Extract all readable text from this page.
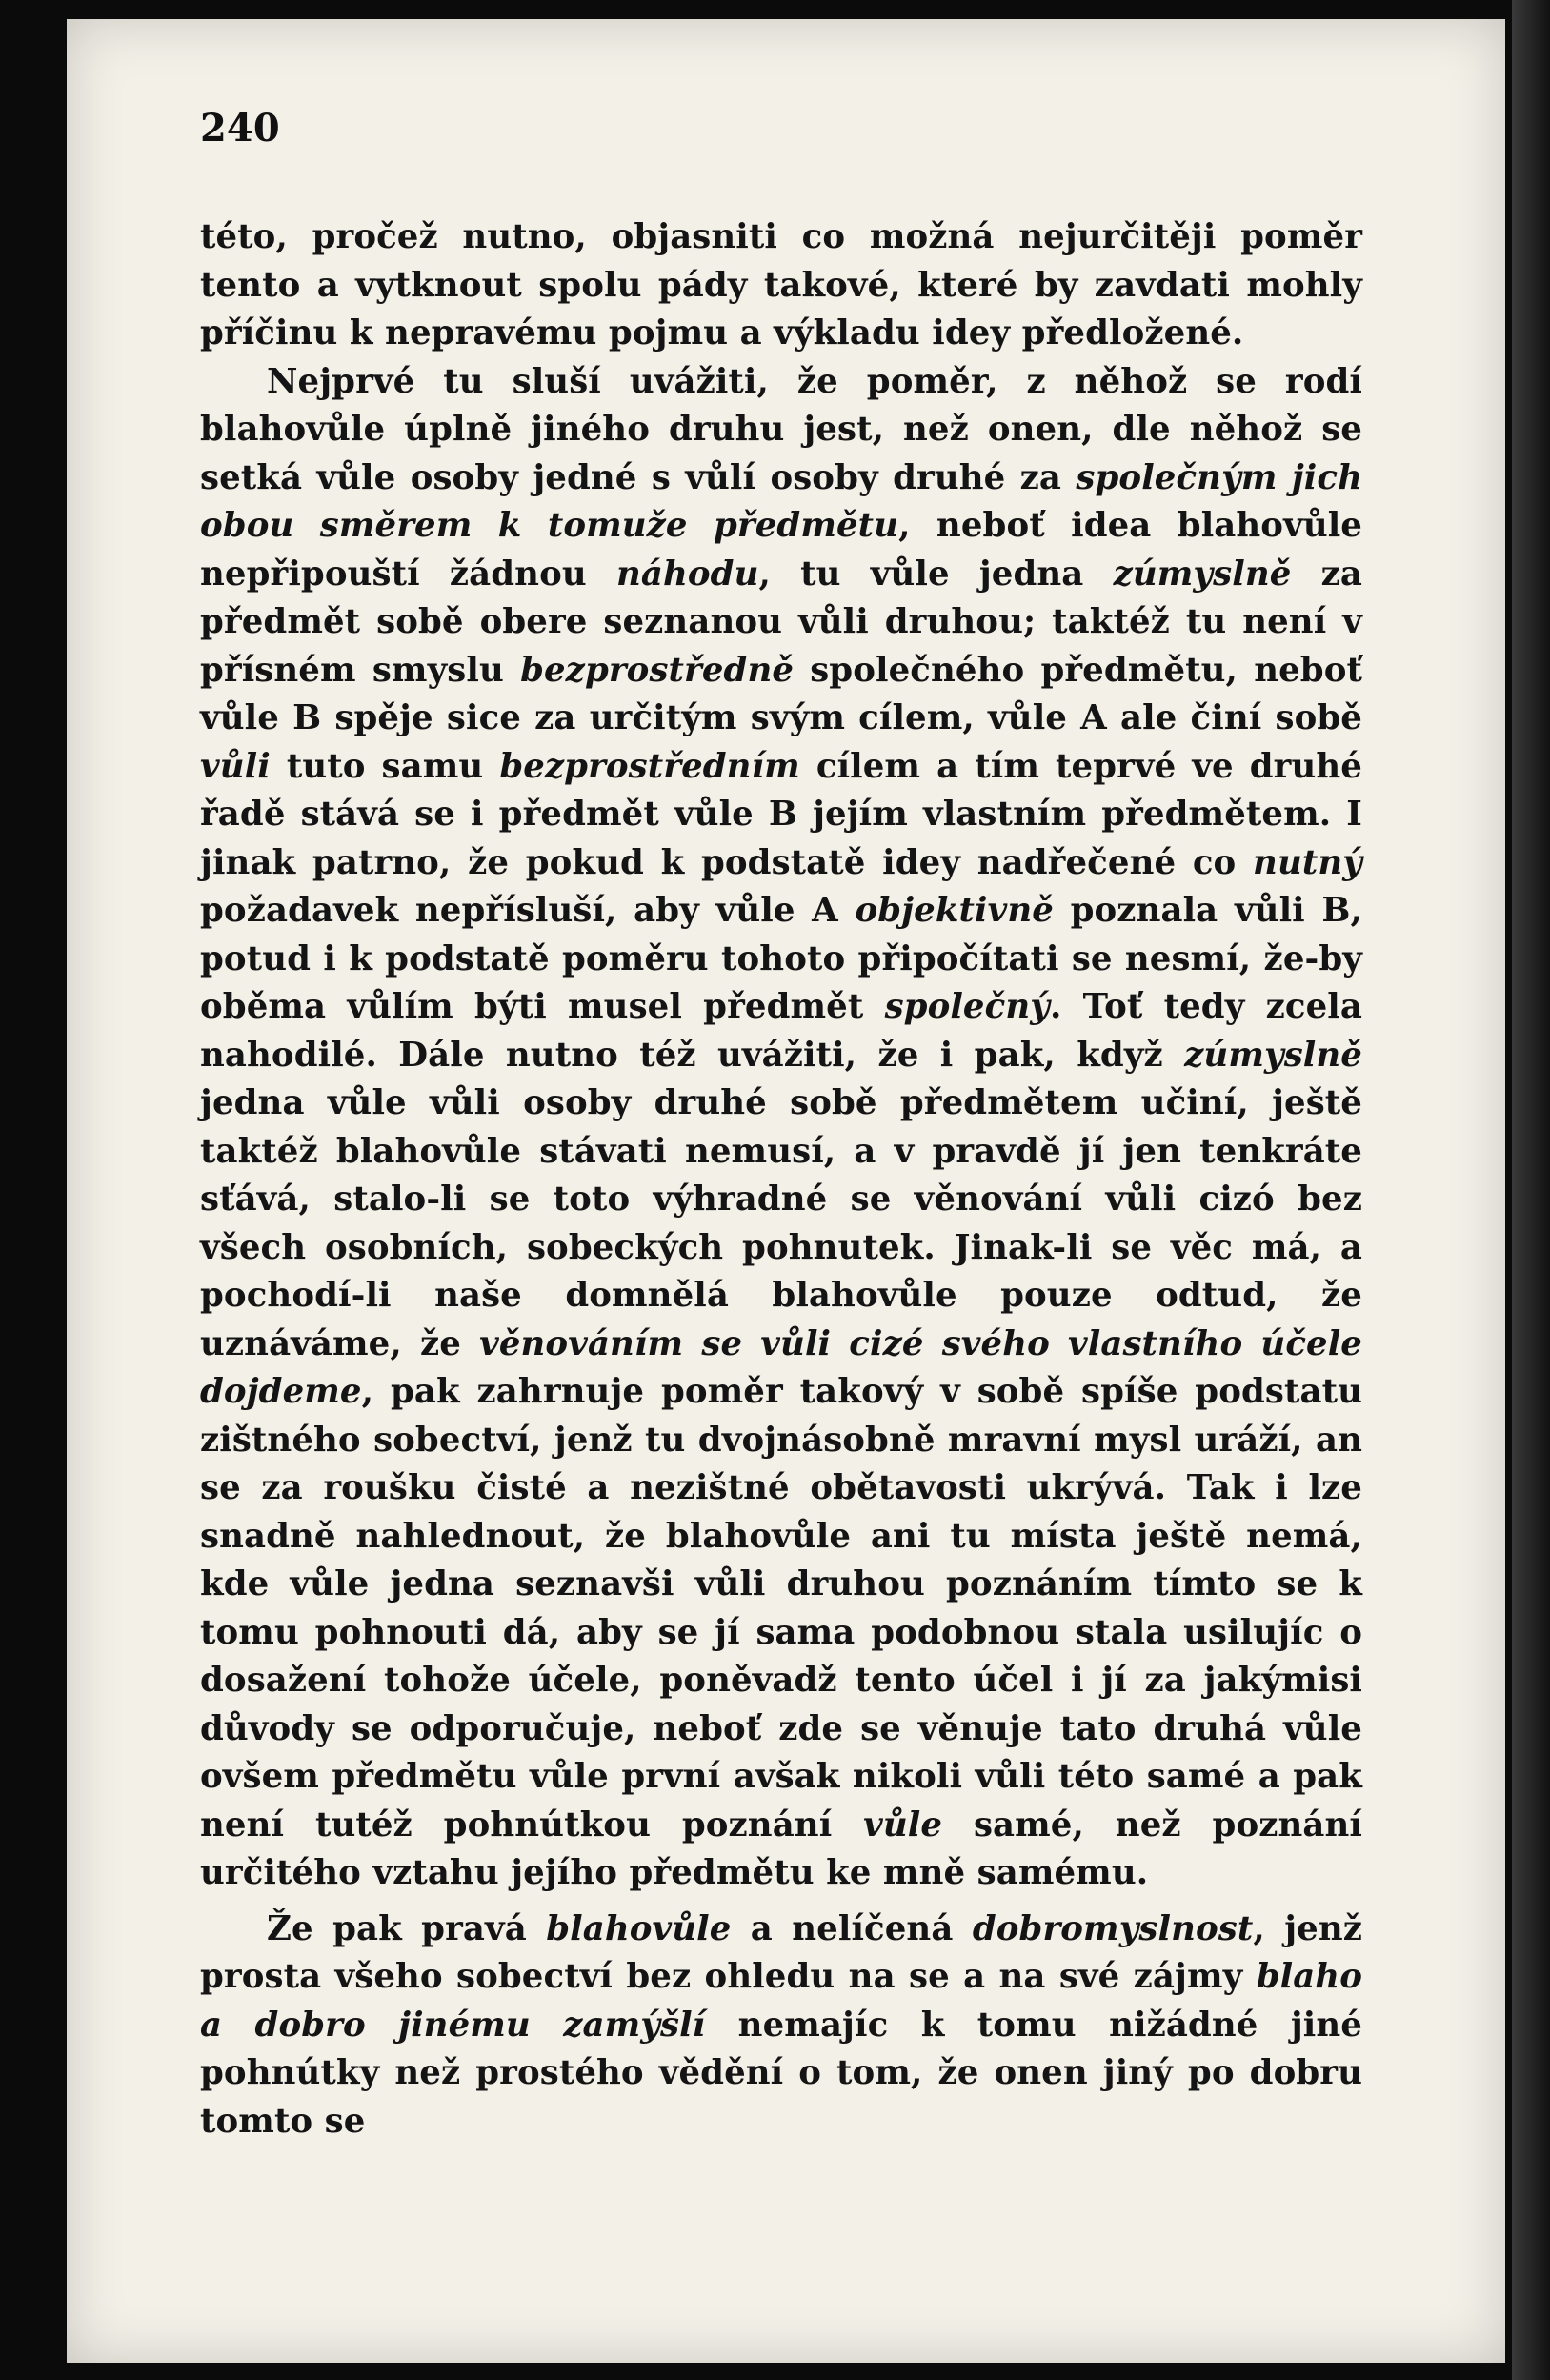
240

této, pročež nutno, objasniti co možná nejurčitěji poměr tento a vytknout spolu pády takové, které by zavdati mohly příčinu k nepravému pojmu a výkladu idey předložené.

Nejprvé tu sluší uvážiti, že poměr, z něhož se rodí blahovůle úplně jiného druhu jest, než onen, dle něhož se setká vůle osoby jedné s vůlí osoby druhé za společným jich obou směrem k tomuže předmětu, neboť idea blahovůle nepřipouští žádnou náhodu, tu vůle jedna zúmyslně za předmět sobě obere seznanou vůli druhou; taktéž tu není v přísném smyslu bezprostředně společného předmětu, neboť vůle B spěje sice za určitým svým cílem, vůle A ale činí sobě vůli tuto samu bezprostředním cílem a tím teprvé ve druhé řadě stává se i předmět vůle B jejím vlastním předmětem. I jinak patrno, že pokud k podstatě idey nadřečené co nutný požadavek nepřísluší, aby vůle A objektivně poznala vůli B, potud i k podstatě poměru tohoto připočítati se nesmí, že-by oběma vůlím býti musel předmět společný. Toť tedy zcela nahodilé. Dále nutno též uvážiti, že i pak, když zúmyslně jedna vůle vůli osoby druhé sobě předmětem učiní, ještě taktéž blahovůle stávati nemusí, a v pravdě jí jen tenkráte sťává, stalo-li se toto výhradné se věnování vůli cizó bez všech osobních, sobeckých pohnutek. Jinak-li se věc má, a pochodí-li naše domnělá blahovůle pouze odtud, že uznáváme, že věnováním se vůli cizé svého vlastního účele dojdeme, pak zahrnuje poměr takový v sobě spíše podstatu zištného sobectví, jenž tu dvojnásobně mravní mysl uráží, an se za roušku čisté a nezištné obětavosti ukrývá. Tak i lze snadně nahlednout, že blahovůle ani tu místa ještě nemá, kde vůle jedna seznavši vůli druhou poznáním tímto se k tomu pohnouti dá, aby se jí sama podobnou stala usilujíc o dosažení tohože účele, poněvadž tento účel i jí za jakýmisi důvody se odporučuje, neboť zde se věnuje tato druhá vůle ovšem předmětu vůle první avšak nikoli vůli této samé a pak není tutéž pohnútkou poznání vůle samé, než poznání určitého vztahu jejího předmětu ke mně samému.

Že pak pravá blahovůle a nelíčená dobromyslnost, jenž prosta všeho sobectví bez ohledu na se a na své zájmy blaho a dobro jinému zamýšlí nemajíc k tomu nižádné jiné pohnútky než prostého vědění o tom, že onen jiný po dobru tomto se
